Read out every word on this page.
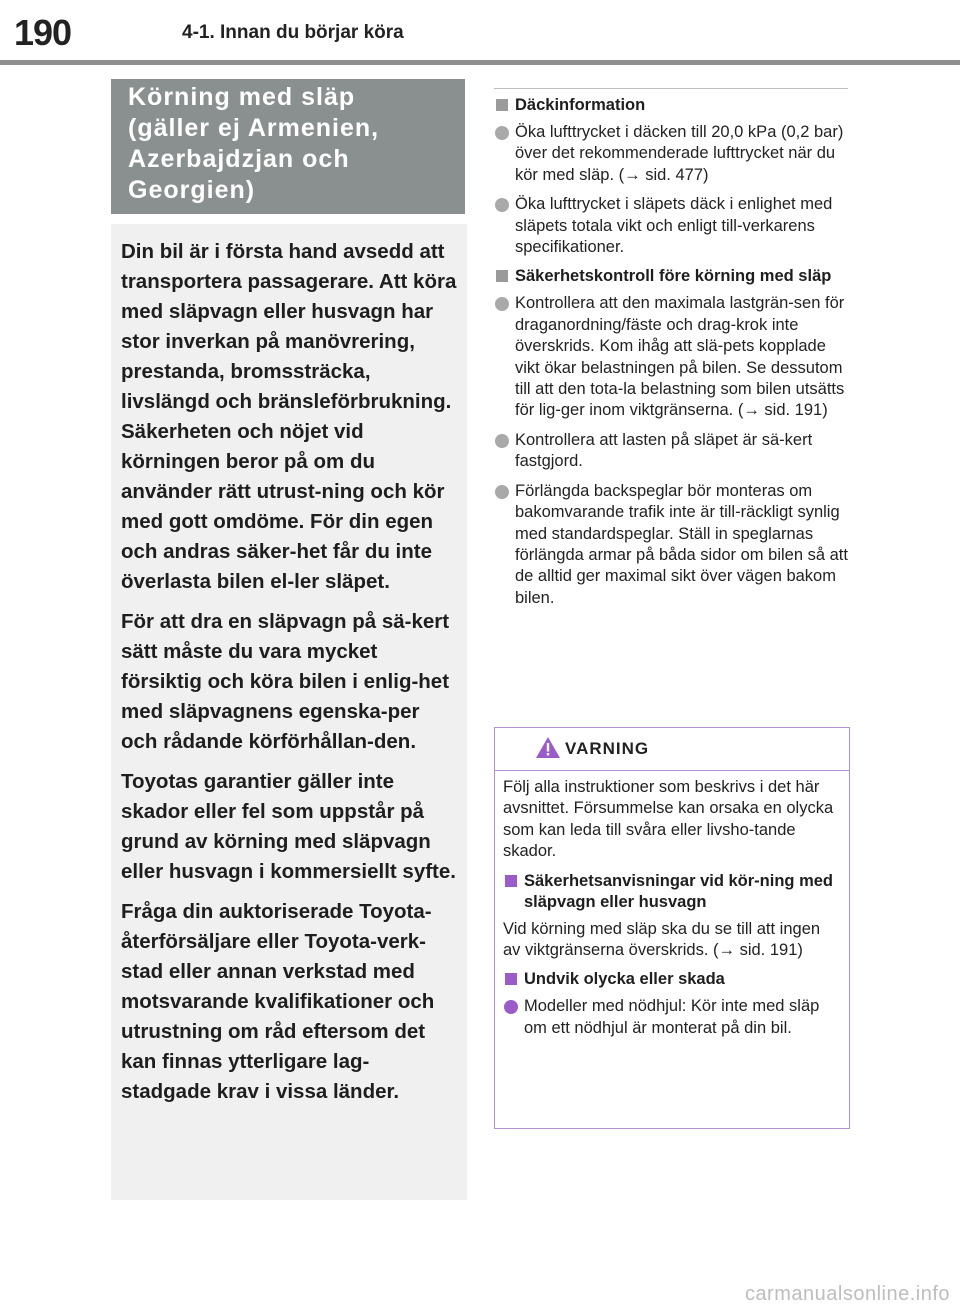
190	4-1. Innan du börjar köra
Körning med släp
(gäller ej Armenien,
Azerbajdzjan och
Georgien)

Din bil är i första hand avsedd att transportera passagerare. Att köra med släpvagn eller husvagn har stor inverkan på manövrering, prestanda, bromssträcka, livslängd och bränsleförbrukning. Säkerheten och nöjet vid körningen beror på om du använder rätt utrust-ning och kör med gott omdöme. För din egen och andras säker-het får du inte överlasta bilen el-ler släpet.

För att dra en släpvagn på sä-kert sätt måste du vara mycket försiktig och köra bilen i enlig-het med släpvagnens egenska-per och rådande körförhållan-den.

Toyotas garantier gäller inte skador eller fel som uppstår på grund av körning med släpvagn eller husvagn i kommersiellt syfte.

Fråga din auktoriserade Toyota-återförsäljare eller Toyota-verk-stad eller annan verkstad med motsvarande kvalifikationer och utrustning om råd eftersom det kan finnas ytterligare lag-stadgade krav i vissa länder.

Däckinformation
Öka lufttrycket i däcken till 20,0 kPa (0,2 bar) över det rekommenderade lufttrycket när du kör med släp. (→ sid. 477)
Öka lufttrycket i släpets däck i enlighet med släpets totala vikt och enligt till-verkarens specifikationer.
Säkerhetskontroll före körning med släp
Kontrollera att den maximala lastgrän-sen för draganordning/fäste och drag-krok inte överskrids. Kom ihåg att slä-pets kopplade vikt ökar belastningen på bilen. Se dessutom till att den tota-la belastning som bilen utsätts för lig-ger inom viktgränserna. (→ sid. 191)
Kontrollera att lasten på släpet är sä-kert fastgjord.
Förlängda backspeglar bör monteras om bakomvarande trafik inte är till-räckligt synlig med standardspeglar. Ställ in speglarnas förlängda armar på båda sidor om bilen så att de alltid ger maximal sikt över vägen bakom bilen.
VARNING

Följ alla instruktioner som beskrivs i det här avsnittet. Försummelse kan orsaka en olycka som kan leda till svåra eller livsho-tande skador.

Säkerhetsanvisningar vid kör-ning med släpvagn eller husvagn

Vid körning med släp ska du se till att ingen av viktgränserna överskrids. (→ sid. 191)

Undvik olycka eller skada
Modeller med nödhjul: Kör inte med släp om ett nödhjul är monterat på din bil.
carmanualsonline.info
